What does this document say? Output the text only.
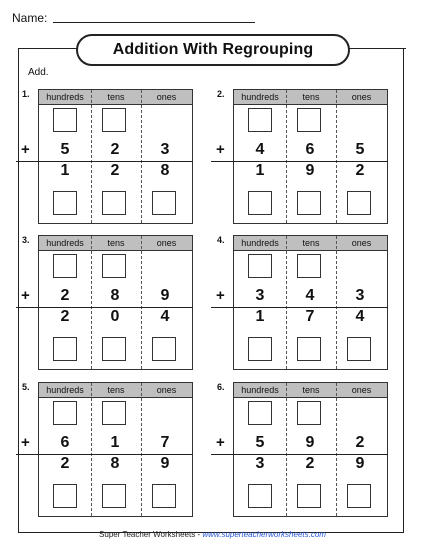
Name:
Addition With Regrouping
Add.
1.	hundreds	tens	ones
5	2	3
1	2	8
+
2.	hundreds	tens	ones
4	6	5
1	9	2
+
3.	hundreds	tens	ones
2	8	9
2	0	4
+
4.	hundreds	tens	ones
3	4	3
1	7	4
+
5.	hundreds	tens	ones
6	1	7
2	8	9
+
6.	hundreds	tens	ones
5	9	2
3	2	9
+
Super Teacher Worksheets - www.superteacherworksheets.com
